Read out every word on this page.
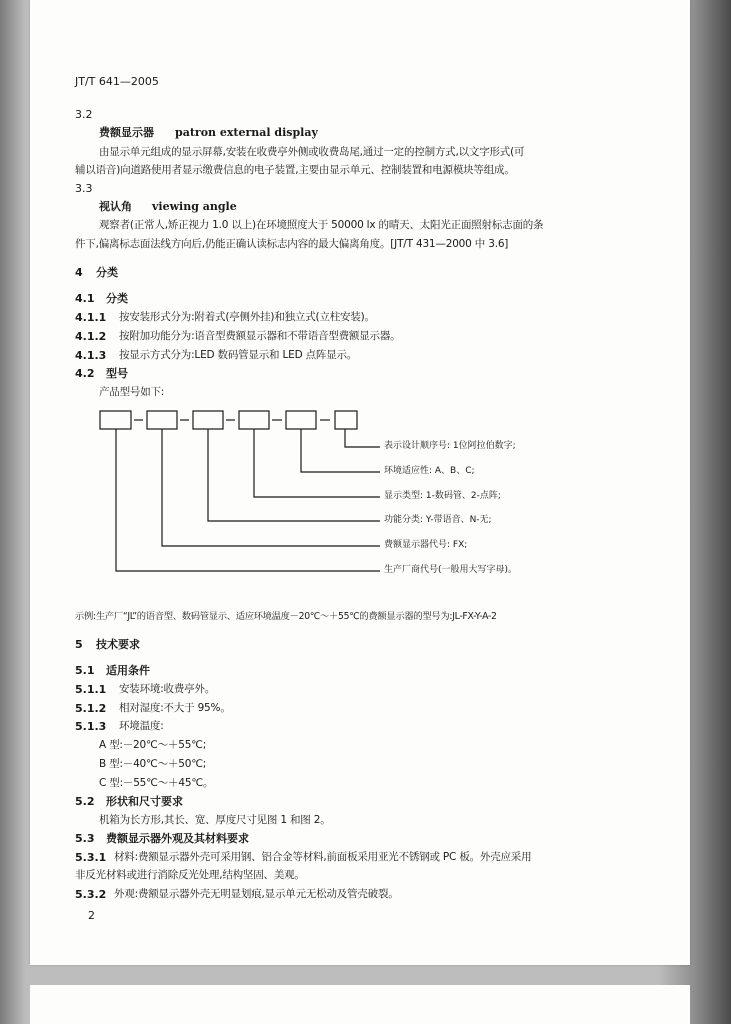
JT/T 641—2005
3.2
费额显示器 patron external display
由显示单元组成的显示屏幕,安装在收费亭外侧或收费岛尾,通过一定的控制方式,以文字形式(可
辅以语音)向道路使用者显示缴费信息的电子装置,主要由显示单元、控制装置和电源模块等组成。
3.3
视认角 viewing angle
观察者(正常人,矫正视力 1.0 以上)在环境照度大于 50000 lx 的晴天、太阳光正面照射标志面的条
件下,偏离标志面法线方向后,仍能正确认读标志内容的最大偏离角度。[JT/T 431—2000 中 3.6]
4 分类
4.1 分类
4.1.1 按安装形式分为:附着式(亭侧外挂)和独立式(立柱安装)。
4.1.2 按附加功能分为:语音型费额显示器和不带语音型费额显示器。
4.1.3 按显示方式分为:LED 数码管显示和 LED 点阵显示。
4.2 型号
产品型号如下:
表示设计顺序号: 1位阿拉伯数字;
环境适应性: A、B、C;
显示类型: 1-数码管、2-点阵;
功能分类: Y-带语音、N-无;
费额显示器代号: FX;
生产厂商代号(一般用大写字母)。
示例:生产厂“JL”的语音型、数码管显示、适应环境温度－20℃～＋55℃的费额显示器的型号为:JL-FX-Y-A-2
5 技术要求
5.1 适用条件
5.1.1 安装环境:收费亭外。
5.1.2 相对湿度:不大于 95%。
5.1.3 环境温度:
A 型:－20℃～＋55℃;
B 型:－40℃～＋50℃;
C 型:－55℃～＋45℃。
5.2 形状和尺寸要求
机箱为长方形,其长、宽、厚度尺寸见图 1 和图 2。
5.3 费额显示器外观及其材料要求
5.3.1 材料:费额显示器外壳可采用钢、铝合金等材料,前面板采用亚光不锈钢或 PC 板。外壳应采用
非反光材料或进行消除反光处理,结构坚固、美观。
5.3.2 外观:费额显示器外壳无明显划痕,显示单元无松动及管壳破裂。
2
